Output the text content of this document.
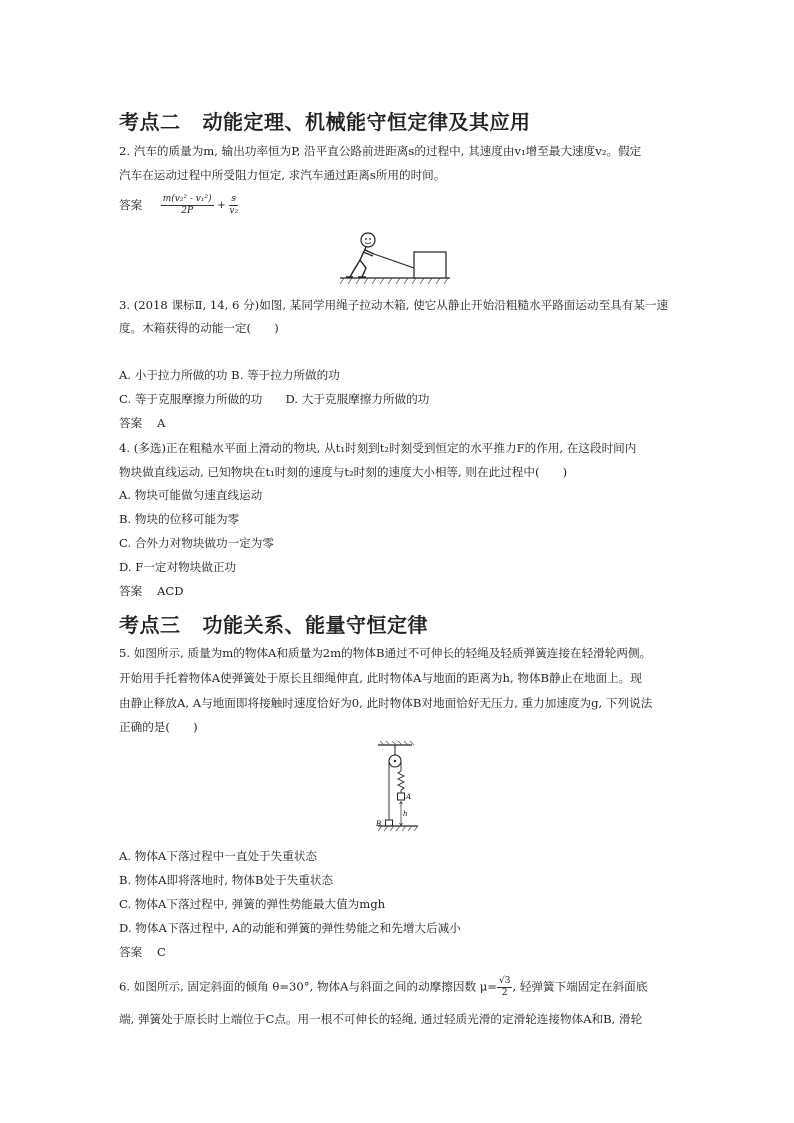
考点二 动能定理、机械能守恒定律及其应用
2. 汽车的质量为m, 输出功率恒为P, 沿平直公路前进距离s的过程中, 其速度由v₁增至最大速度v₂。假定
汽车在运动过程中所受阻力恒定, 求汽车通过距离s所用的时间。
答案 $\frac{\text{m(v₂² - v₁²)}}{2P} + \frac{s}{\text{v₂}}$
3. (2018 课标Ⅱ, 14, 6 分)如图, 某同学用绳子拉动木箱, 使它从静止开始沿粗糙水平路面运动至具有某一速
度。木箱获得的动能一定(　　)
A. 小于拉力所做的功 B. 等于拉力所做的功
C. 等于克服摩擦力所做的功　　D. 大于克服摩擦力所做的功
答案 A
4. (多选)正在粗糙水平面上滑动的物块, 从t₁时刻到t₂时刻受到恒定的水平推力F的作用, 在这段时间内
物块做直线运动, 已知物块在t₁时刻的速度与t₂时刻的速度大小相等, 则在此过程中(　　)
A. 物块可能做匀速直线运动
B. 物块的位移可能为零
C. 合外力对物块做功一定为零
D. F一定对物块做正功
答案 ACD
考点三 功能关系、能量守恒定律
5. 如图所示, 质量为m的物体A和质量为2m的物体B通过不可伸长的轻绳及轻质弹簧连接在轻滑轮两侧。
开始用手托着物体A使弹簧处于原长且细绳伸直, 此时物体A与地面的距离为h, 物体B静止在地面上。现
由静止释放A, A与地面即将接触时速度恰好为0, 此时物体B对地面恰好无压力, 重力加速度为g, 下列说法
正确的是(　　)
A
h
B
A. 物体A下落过程中一直处于失重状态
B. 物体A即将落地时, 物体B处于失重状态
C. 物体A下落过程中, 弹簧的弹性势能最大值为mgh
D. 物体A下落过程中, A的动能和弹簧的弹性势能之和先增大后减小
答案 C
6. 如图所示, 固定斜面的倾角 θ=30°, 物体A与斜面之间的动摩擦因数 $\mu= \frac{√3}{2}$ , 轻弹簧下端固定在斜面底
端, 弹簧处于原长时上端位于C点。用一根不可伸长的轻绳, 通过轻质光滑的定滑轮连接物体A和B, 滑轮
